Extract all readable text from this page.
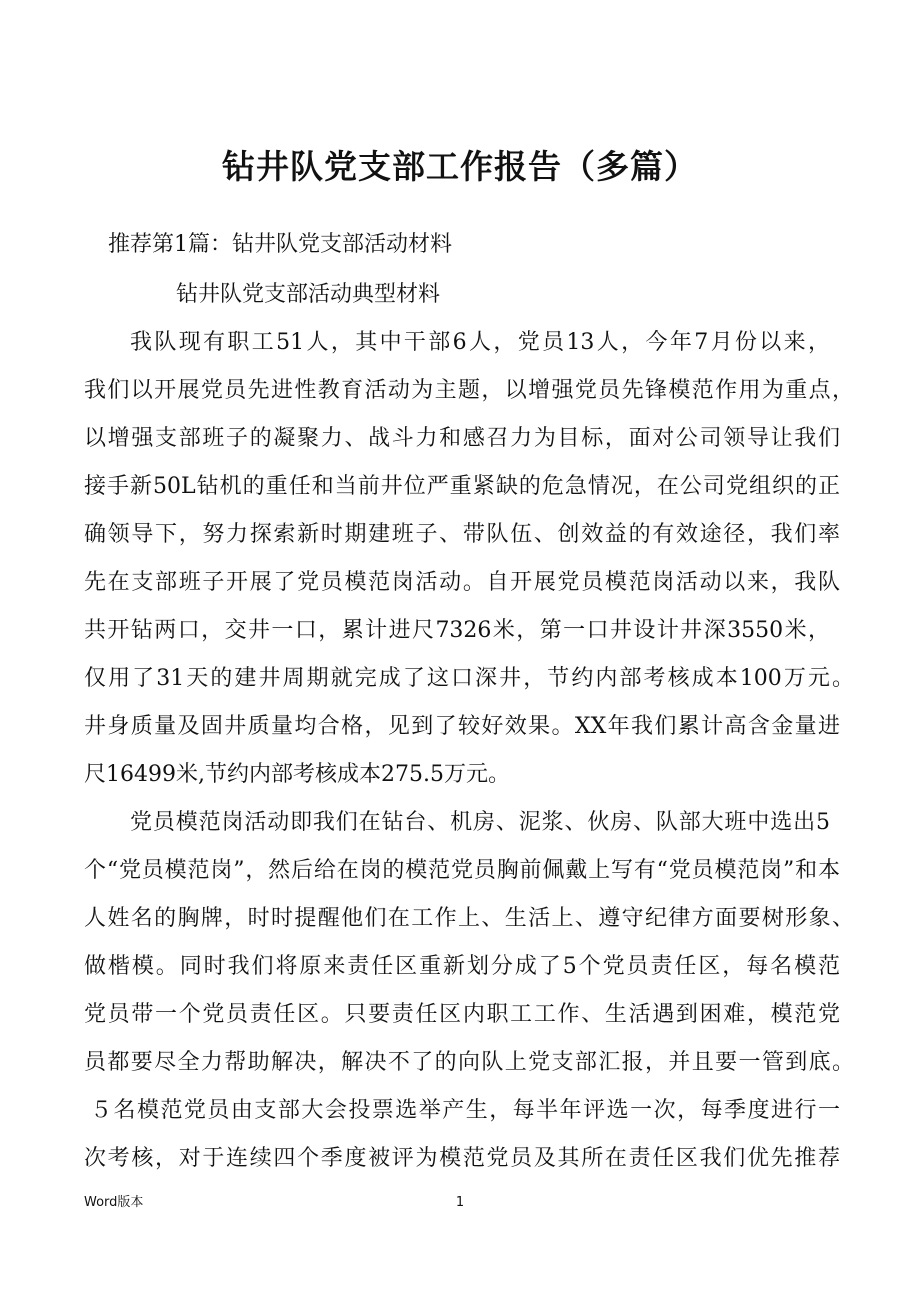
钻井队党支部工作报告（多篇）

推荐第1篇：钻井队党支部活动材料

钻井队党支部活动典型材料

我队现有职工51人，其中干部6人，党员13人，今年7月份以来，

我们以开展党员先进性教育活动为主题，以增强党员先锋模范作用为重点，

以增强支部班子的凝聚力、战斗力和感召力为目标，面对公司领导让我们

接手新50L钻机的重任和当前井位严重紧缺的危急情况，在公司党组织的正

确领导下，努力探索新时期建班子、带队伍、创效益的有效途径，我们率

先在支部班子开展了党员模范岗活动。自开展党员模范岗活动以来，我队

共开钻两口，交井一口，累计进尺7326米，第一口井设计井深3550米，

仅用了31天的建井周期就完成了这口深井，节约内部考核成本100万元。

井身质量及固井质量均合格，见到了较好效果。XX年我们累计高含金量进

尺16499米,节约内部考核成本275.5万元。

党员模范岗活动即我们在钻台、机房、泥浆、伙房、队部大班中选出5

个“党员模范岗”，然后给在岗的模范党员胸前佩戴上写有“党员模范岗”和本

人姓名的胸牌，时时提醒他们在工作上、生活上、遵守纪律方面要树形象、

做楷模。同时我们将原来责任区重新划分成了5个党员责任区，每名模范

党员带一个党员责任区。只要责任区内职工工作、生活遇到困难，模范党

员都要尽全力帮助解决，解决不了的向队上党支部汇报，并且要一管到底。

５名模范党员由支部大会投票选举产生，每半年评选一次，每季度进行一

次考核，对于连续四个季度被评为模范党员及其所在责任区我们优先推荐

Word版本	1
